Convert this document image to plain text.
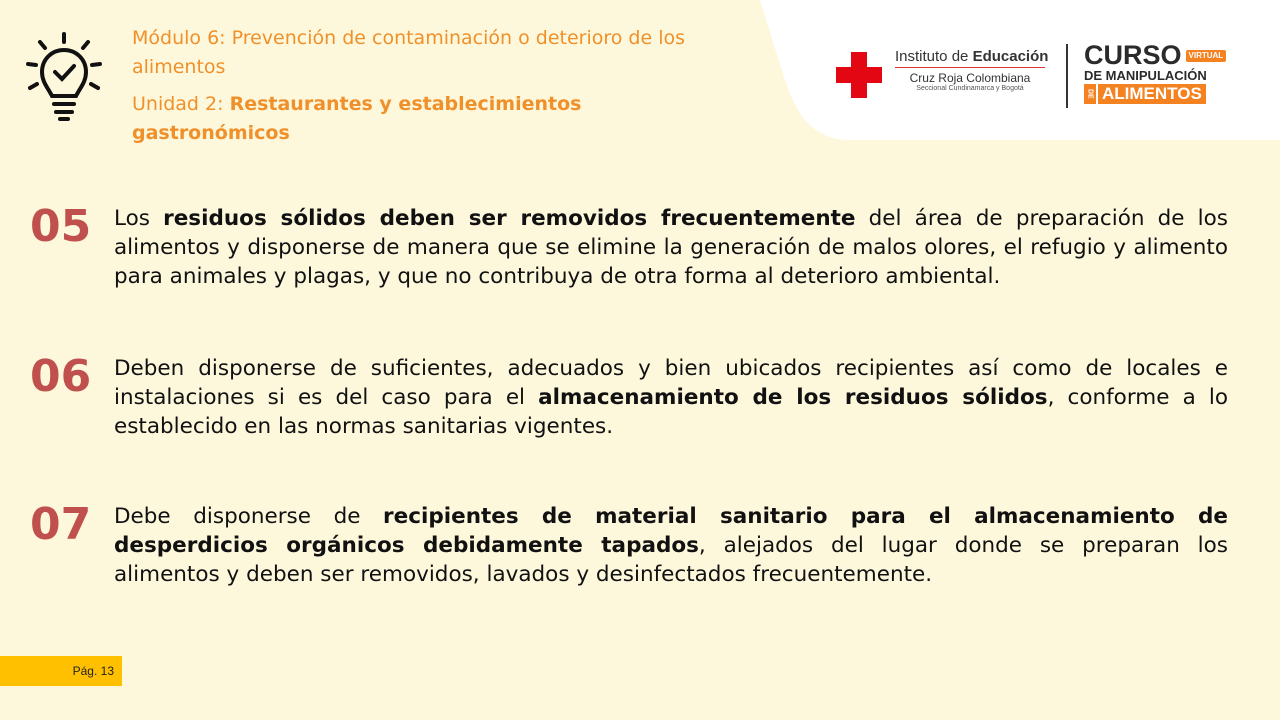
Módulo 6: Prevención de contaminación o deterioro de los alimentos
Unidad 2: Restaurantes y establecimientos gastronómicos
Instituto de Educación
Cruz Roja Colombiana
Seccional Cundinamarca y Bogotá
CURSO VIRTUAL
DE MANIPULACIÓN
DE ALIMENTOS
05 Los residuos sólidos deben ser removidos frecuentemente del área de preparación de los alimentos y disponerse de manera que se elimine la generación de malos olores, el refugio y alimento para animales y plagas, y que no contribuya de otra forma al deterioro ambiental.
06 Deben disponerse de suficientes, adecuados y bien ubicados recipientes así como de locales e instalaciones si es del caso para el almacenamiento de los residuos sólidos, conforme a lo establecido en las normas sanitarias vigentes.
07 Debe disponerse de recipientes de material sanitario para el almacenamiento de desperdicios orgánicos debidamente tapados, alejados del lugar donde se preparan los alimentos y deben ser removidos, lavados y desinfectados frecuentemente.
Pág. 13
